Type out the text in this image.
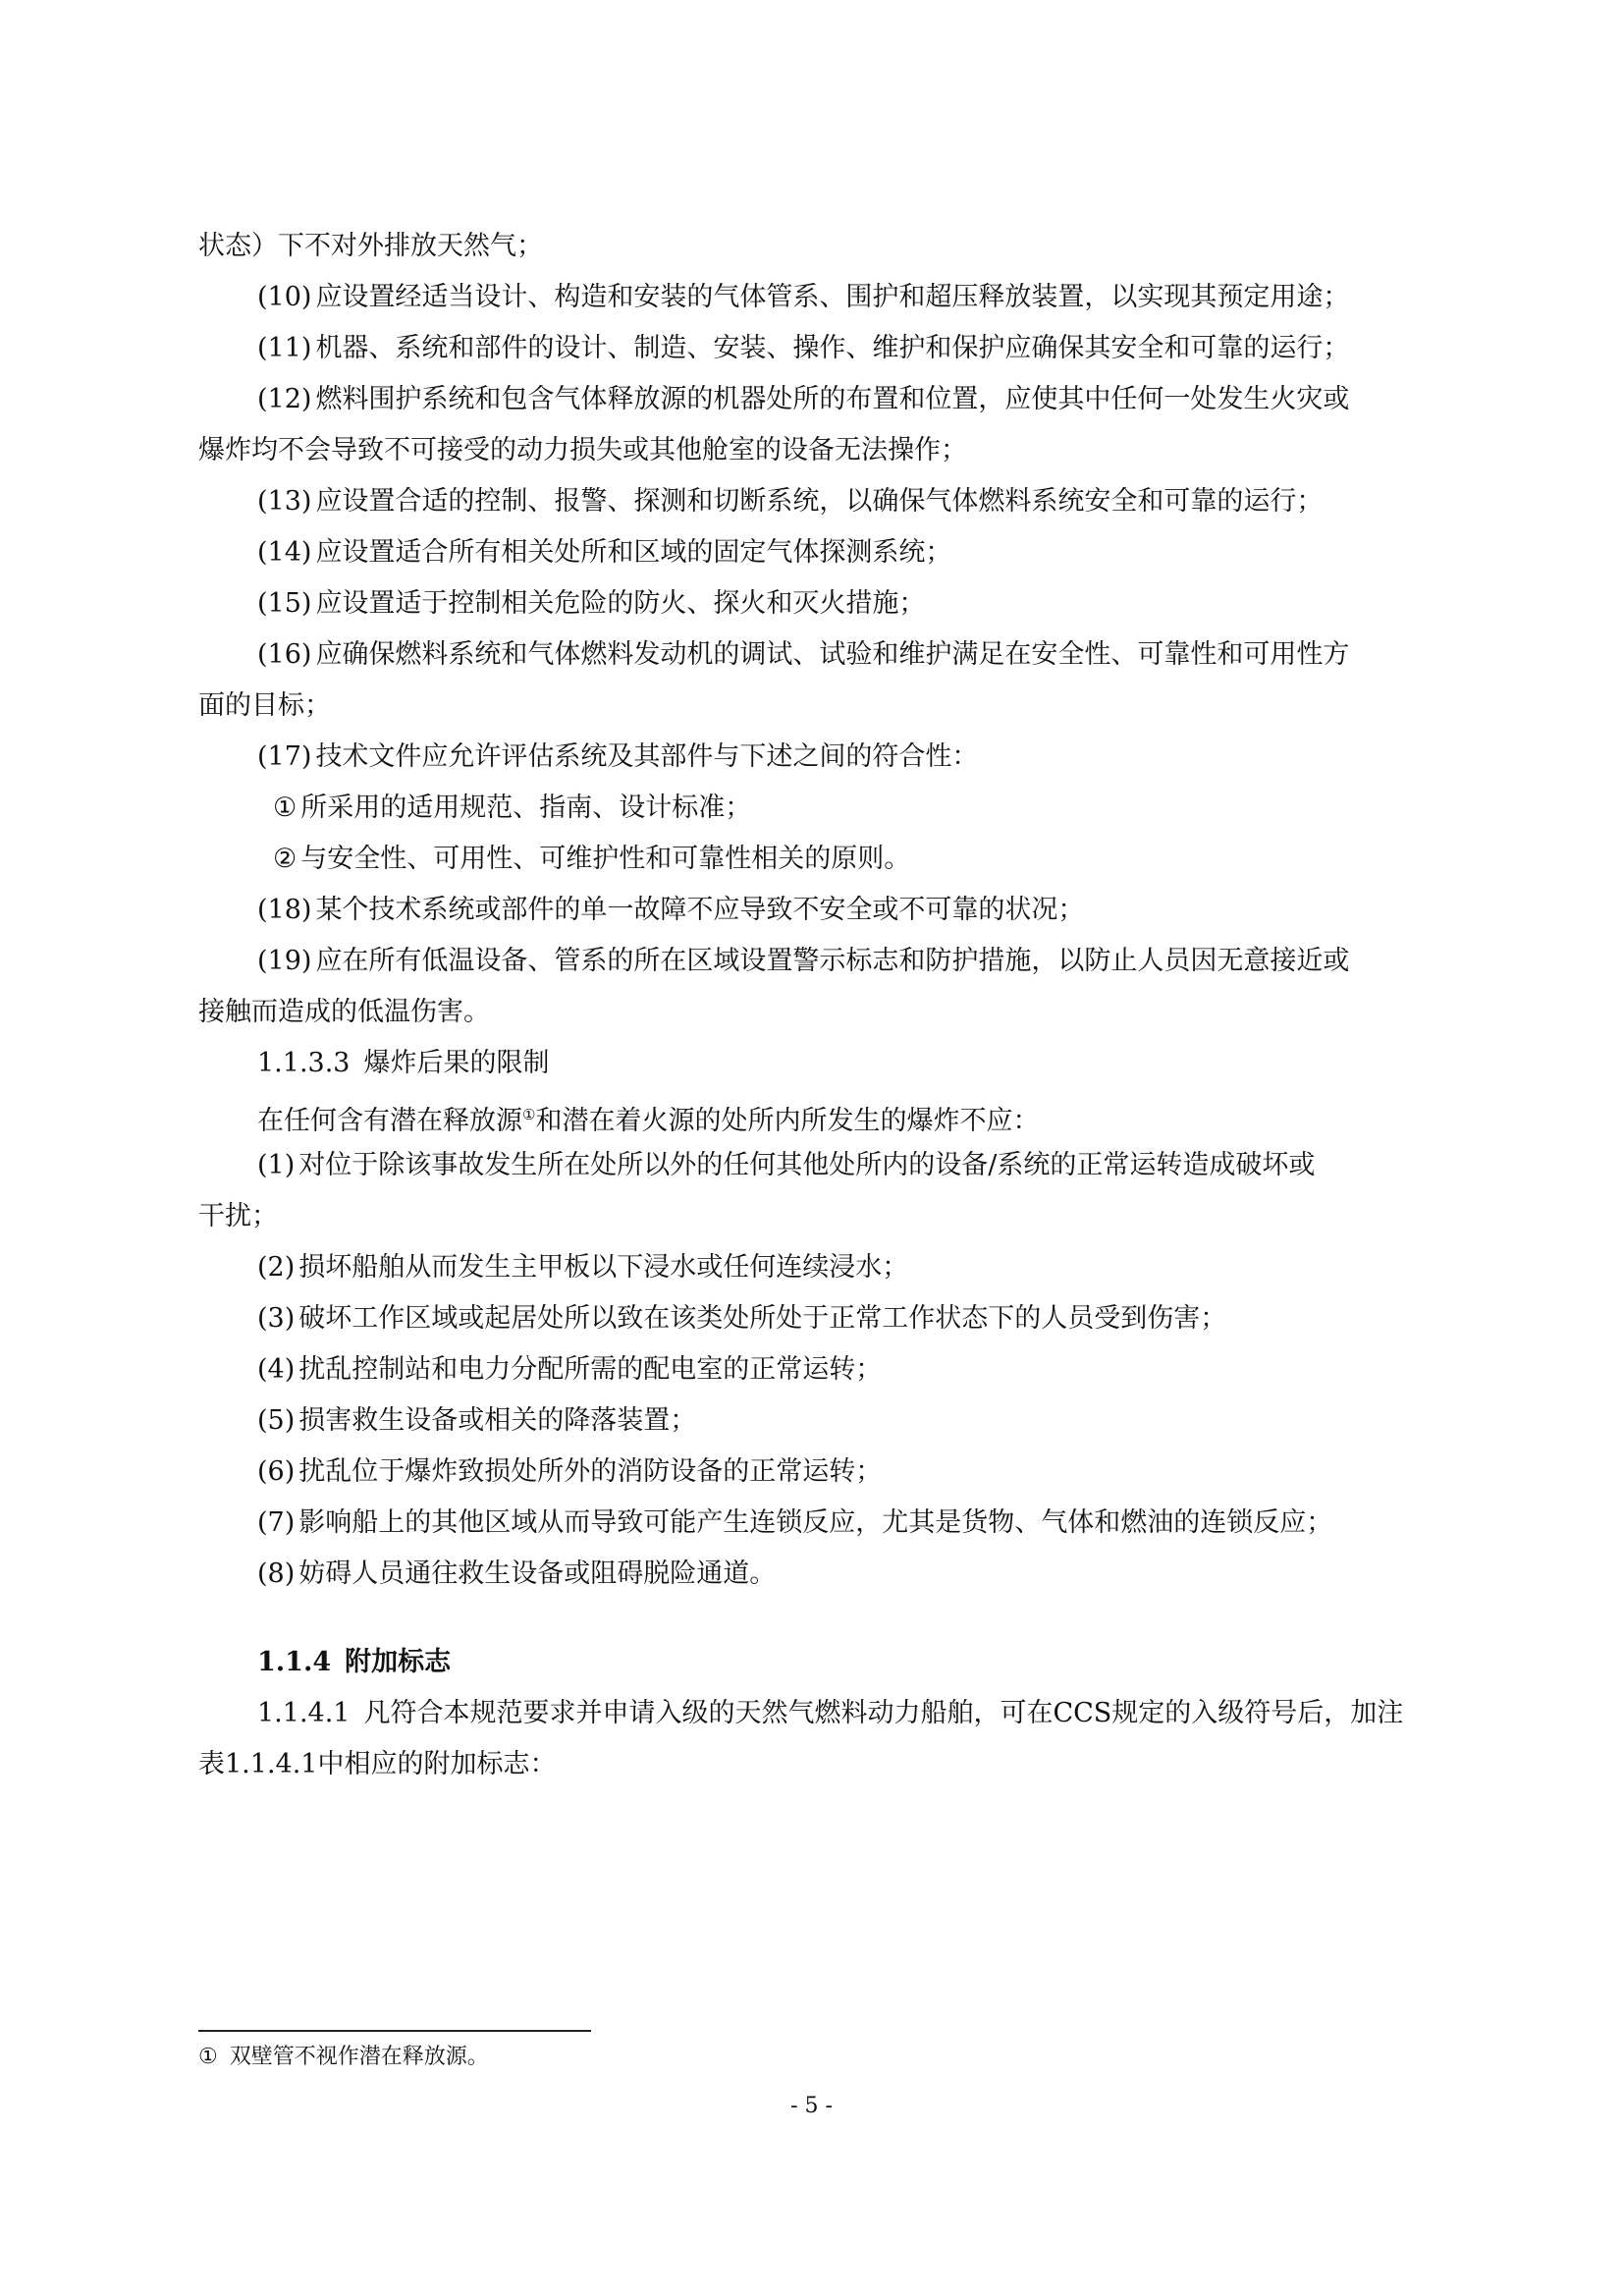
状态）下不对外排放天然气；
(10) 应设置经适当设计、构造和安装的气体管系、围护和超压释放装置，以实现其预定用途；
(11) 机器、系统和部件的设计、制造、安装、操作、维护和保护应确保其安全和可靠的运行；
(12) 燃料围护系统和包含气体释放源的机器处所的布置和位置，应使其中任何一处发生火灾或
爆炸均不会导致不可接受的动力损失或其他舱室的设备无法操作；
(13) 应设置合适的控制、报警、探测和切断系统，以确保气体燃料系统安全和可靠的运行；
(14) 应设置适合所有相关处所和区域的固定气体探测系统；
(15) 应设置适于控制相关危险的防火、探火和灭火措施；
(16) 应确保燃料系统和气体燃料发动机的调试、试验和维护满足在安全性、可靠性和可用性方
面的目标；
(17) 技术文件应允许评估系统及其部件与下述之间的符合性：
① 所采用的适用规范、指南、设计标准；
② 与安全性、可用性、可维护性和可靠性相关的原则。
(18) 某个技术系统或部件的单一故障不应导致不安全或不可靠的状况；
(19) 应在所有低温设备、管系的所在区域设置警示标志和防护措施，以防止人员因无意接近或
接触而造成的低温伤害。
1.1.3.3 爆炸后果的限制
在任何含有潜在释放源①和潜在着火源的处所内所发生的爆炸不应：
(1) 对位于除该事故发生所在处所以外的任何其他处所内的设备/系统的正常运转造成破坏或
干扰；
(2) 损坏船舶从而发生主甲板以下浸水或任何连续浸水；
(3) 破坏工作区域或起居处所以致在该类处所处于正常工作状态下的人员受到伤害；
(4) 扰乱控制站和电力分配所需的配电室的正常运转；
(5) 损害救生设备或相关的降落装置；
(6) 扰乱位于爆炸致损处所外的消防设备的正常运转；
(7) 影响船上的其他区域从而导致可能产生连锁反应，尤其是货物、气体和燃油的连锁反应；
(8) 妨碍人员通往救生设备或阻碍脱险通道。
1.1.4 附加标志
1.1.4.1 凡符合本规范要求并申请入级的天然气燃料动力船舶，可在CCS规定的入级符号后，加注
表1.1.4.1中相应的附加标志：
① 双壁管不视作潜在释放源。
- 5 -
